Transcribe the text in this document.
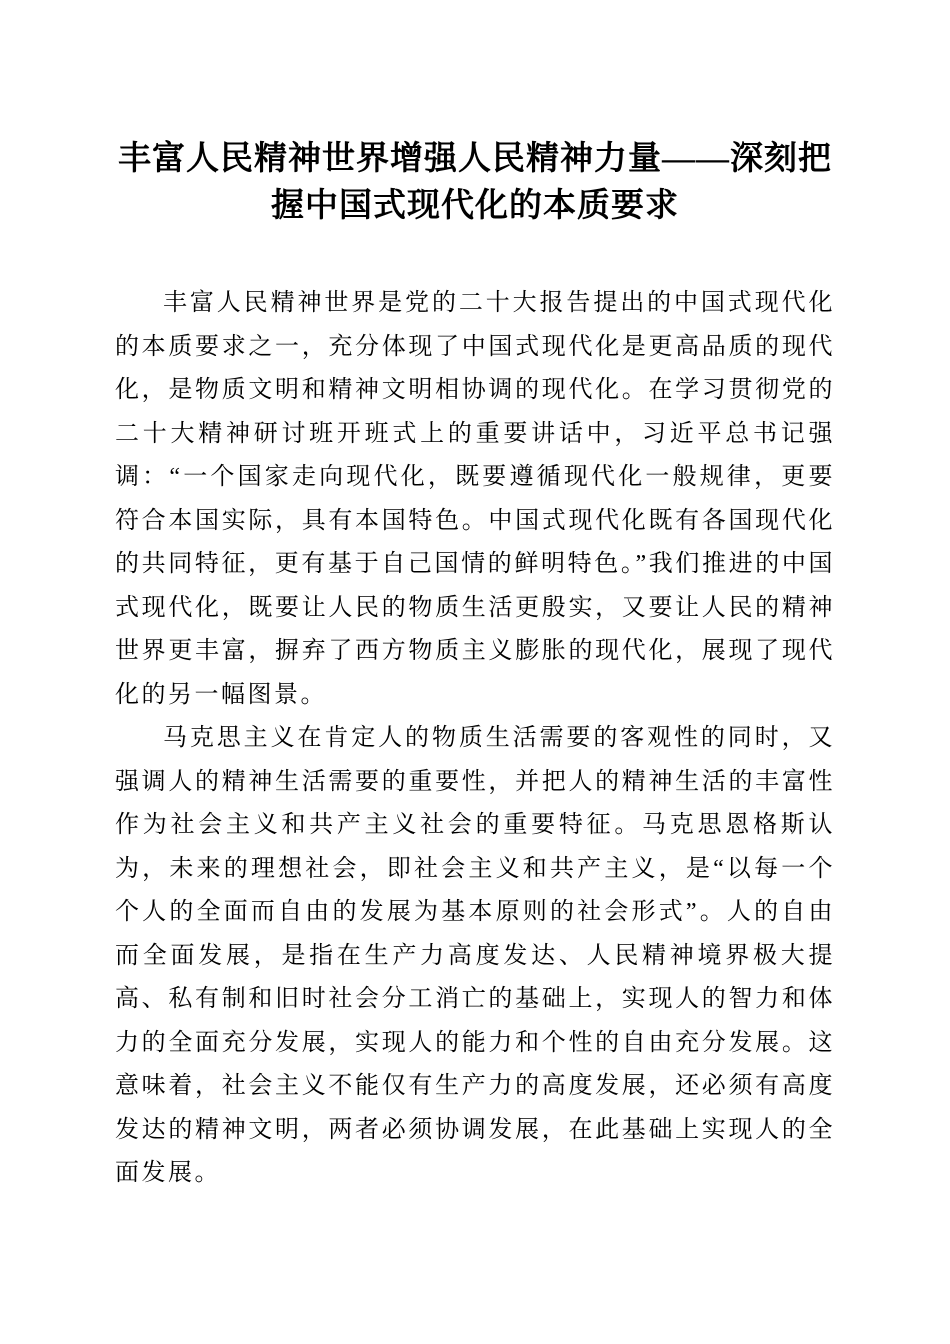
丰富人民精神世界增强人民精神力量——深刻把握中国式现代化的本质要求

丰富人民精神世界是党的二十大报告提出的中国式现代化的本质要求之一，充分体现了中国式现代化是更高品质的现代化，是物质文明和精神文明相协调的现代化。在学习贯彻党的二十大精神研讨班开班式上的重要讲话中，习近平总书记强调：“一个国家走向现代化，既要遵循现代化一般规律，更要符合本国实际，具有本国特色。中国式现代化既有各国现代化的共同特征，更有基于自己国情的鲜明特色。”我们推进的中国式现代化，既要让人民的物质生活更殷实，又要让人民的精神世界更丰富，摒弃了西方物质主义膨胀的现代化，展现了现代化的另一幅图景。

马克思主义在肯定人的物质生活需要的客观性的同时，又强调人的精神生活需要的重要性，并把人的精神生活的丰富性作为社会主义和共产主义社会的重要特征。马克思恩格斯认为，未来的理想社会，即社会主义和共产主义，是“以每一个个人的全面而自由的发展为基本原则的社会形式”。人的自由而全面发展，是指在生产力高度发达、人民精神境界极大提高、私有制和旧时社会分工消亡的基础上，实现人的智力和体力的全面充分发展，实现人的能力和个性的自由充分发展。这意味着，社会主义不能仅有生产力的高度发展，还必须有高度发达的精神文明，两者必须协调发展，在此基础上实现人的全面发展。
